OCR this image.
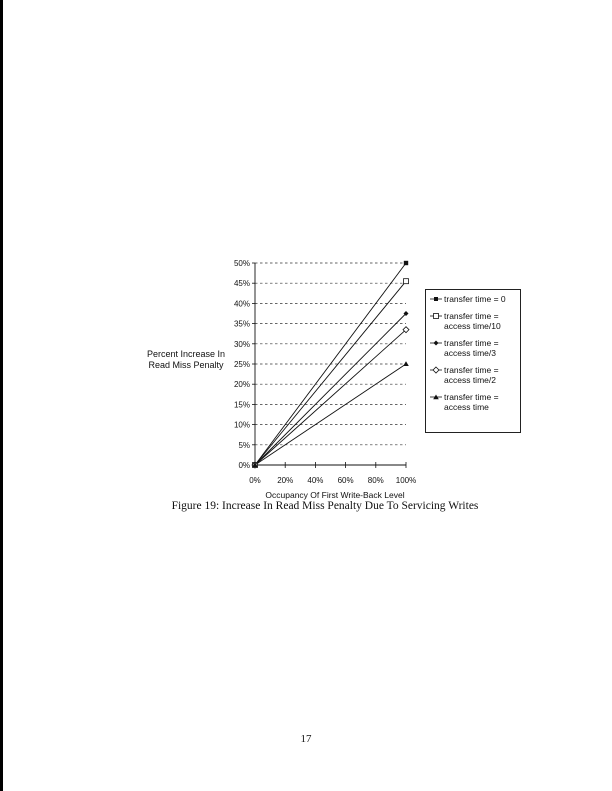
0%
5%
10%
15%
20%
25%
30%
35%
40%
45%
50%
0% 20% 40% 60% 80% 100%
Percent Increase In Read Miss Penalty
Occupancy Of First Write-Back Level
transfer time = 0
transfer time = access time/10
transfer time = access time/3
transfer time = access time/2
transfer time = access time
Figure 19: Increase In Read Miss Penalty Due To Servicing Writes
17
